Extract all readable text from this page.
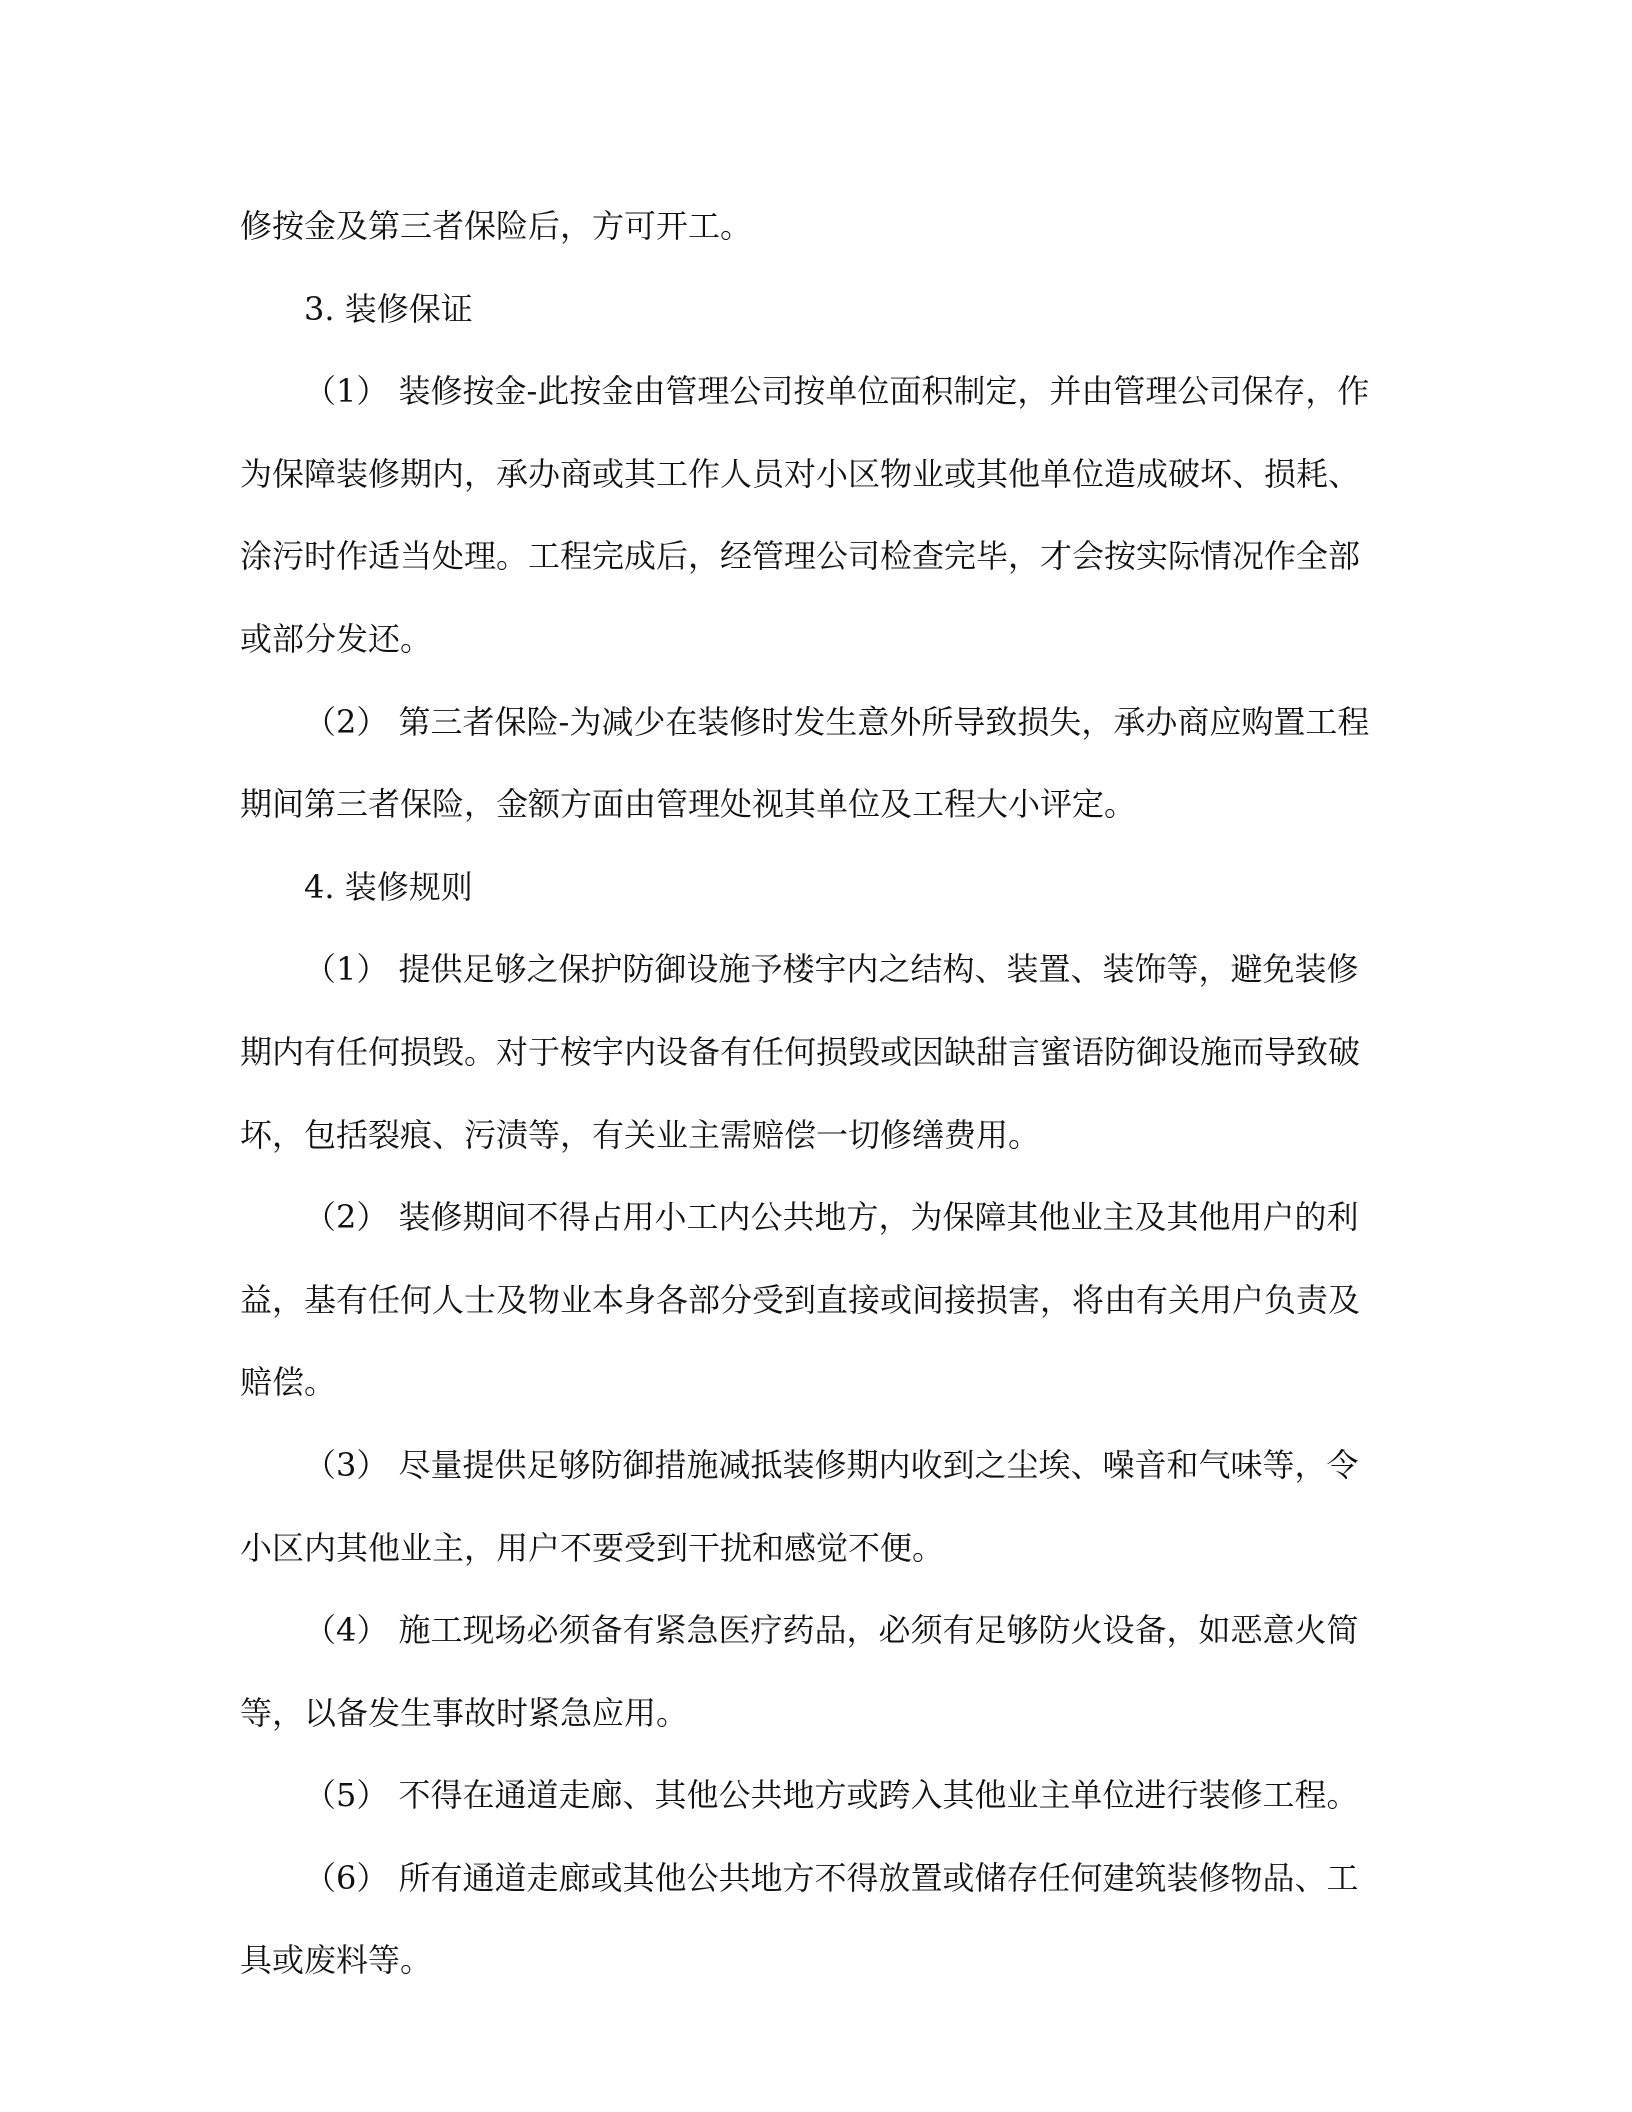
修按金及第三者保险后，方可开工。

3. 装修保证

（1） 装修按金-此按金由管理公司按单位面积制定，并由管理公司保存，作为保障装修期内，承办商或其工作人员对小区物业或其他单位造成破坏、损耗、涂污时作适当处理。工程完成后，经管理公司检查完毕，才会按实际情况作全部或部分发还。

（2） 第三者保险-为减少在装修时发生意外所导致损失，承办商应购置工程期间第三者保险，金额方面由管理处视其单位及工程大小评定。

4. 装修规则

（1） 提供足够之保护防御设施予楼宇内之结构、装置、装饰等，避免装修期内有任何损毁。对于桉宇内设备有任何损毁或因缺甜言蜜语防御设施而导致破坏，包括裂痕、污渍等，有关业主需赔偿一切修缮费用。

（2） 装修期间不得占用小工内公共地方，为保障其他业主及其他用户的利益，基有任何人士及物业本身各部分受到直接或间接损害，将由有关用户负责及赔偿。

（3） 尽量提供足够防御措施减抵装修期内收到之尘埃、噪音和气味等，令小区内其他业主，用户不要受到干扰和感觉不便。

（4） 施工现场必须备有紧急医疗药品，必须有足够防火设备，如恶意火简等，以备发生事故时紧急应用。

（5） 不得在通道走廊、其他公共地方或跨入其他业主单位进行装修工程。

（6） 所有通道走廊或其他公共地方不得放置或储存任何建筑装修物品、工具或废料等。
